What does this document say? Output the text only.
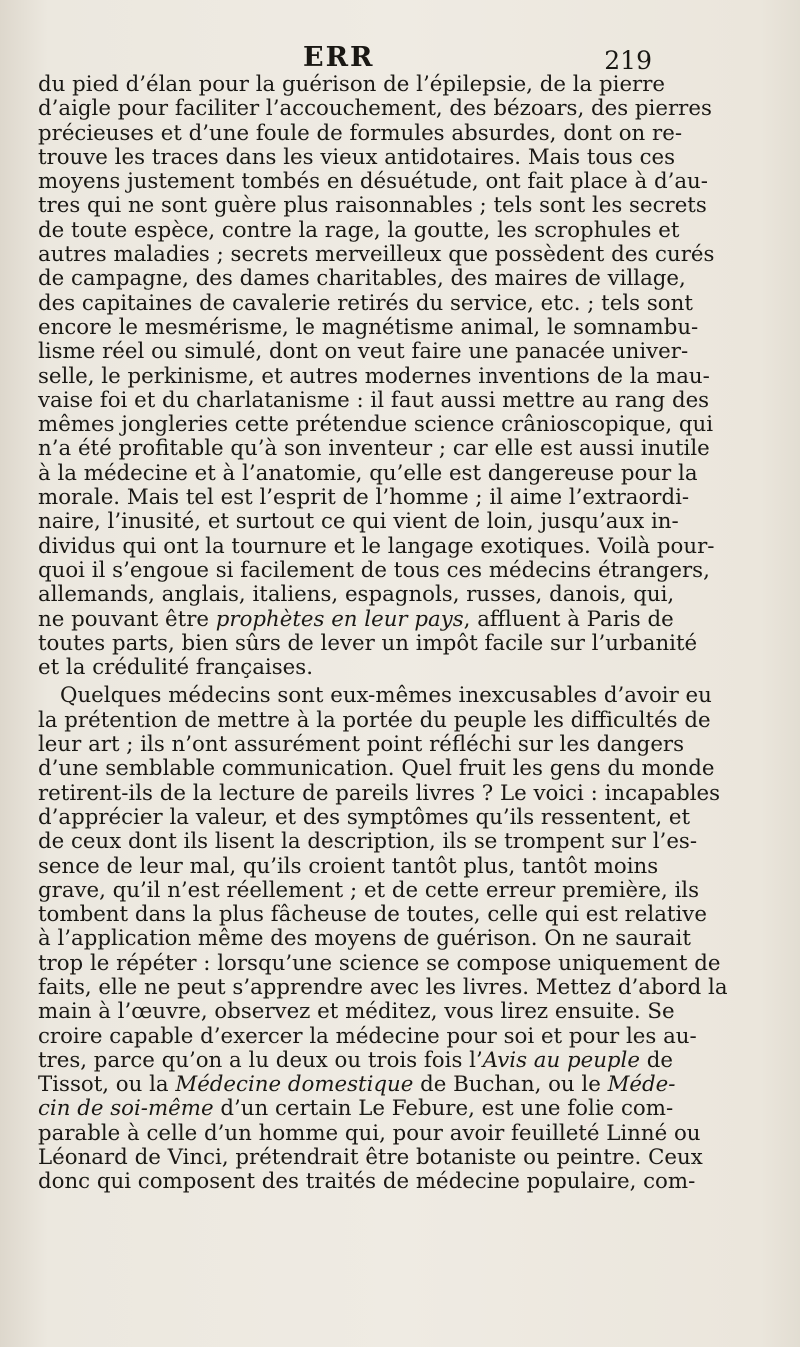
ERR	219
du pied d’élan pour la guérison de l’épilepsie, de la pierre
d’aigle pour faciliter l’accouchement, des bézoars, des pierres
précieuses et d’une foule de formules absurdes, dont on re-
trouve les traces dans les vieux antidotaires. Mais tous ces
moyens justement tombés en désuétude, ont fait place à d’au-
tres qui ne sont guère plus raisonnables ; tels sont les secrets
de toute espèce, contre la rage, la goutte, les scrophules et
autres maladies ; secrets merveilleux que possèdent des curés
de campagne, des dames charitables, des maires de village,
des capitaines de cavalerie retirés du service, etc. ; tels sont
encore le mesmérisme, le magnétisme animal, le somnambu-
lisme réel ou simulé, dont on veut faire une panacée univer-
selle, le perkinisme, et autres modernes inventions de la mau-
vaise foi et du charlatanisme : il faut aussi mettre au rang des
mêmes jongleries cette prétendue science crânioscopique, qui
n’a été profitable qu’à son inventeur ; car elle est aussi inutile
à la médecine et à l’anatomie, qu’elle est dangereuse pour la
morale. Mais tel est l’esprit de l’homme ; il aime l’extraordi-
naire, l’inusité, et surtout ce qui vient de loin, jusqu’aux in-
dividus qui ont la tournure et le langage exotiques. Voilà pour-
quoi il s’engoue si facilement de tous ces médecins étrangers,
allemands, anglais, italiens, espagnols, russes, danois, qui,
ne pouvant être prophètes en leur pays, affluent à Paris de
toutes parts, bien sûrs de lever un impôt facile sur l’urbanité
et la crédulité françaises.
Quelques médecins sont eux-mêmes inexcusables d’avoir eu
la prétention de mettre à la portée du peuple les difficultés de
leur art ; ils n’ont assurément point réfléchi sur les dangers
d’une semblable communication. Quel fruit les gens du monde
retirent-ils de la lecture de pareils livres ? Le voici : incapables
d’apprécier la valeur, et des symptômes qu’ils ressentent, et
de ceux dont ils lisent la description, ils se trompent sur l’es-
sence de leur mal, qu’ils croient tantôt plus, tantôt moins
grave, qu’il n’est réellement ; et de cette erreur première, ils
tombent dans la plus fâcheuse de toutes, celle qui est relative
à l’application même des moyens de guérison. On ne saurait
trop le répéter : lorsqu’une science se compose uniquement de
faits, elle ne peut s’apprendre avec les livres. Mettez d’abord la
main à l’œuvre, observez et méditez, vous lirez ensuite. Se
croire capable d’exercer la médecine pour soi et pour les au-
tres, parce qu’on a lu deux ou trois fois l’Avis au peuple de
Tissot, ou la Médecine domestique de Buchan, ou le Méde-
cin de soi-même d’un certain Le Febure, est une folie com-
parable à celle d’un homme qui, pour avoir feuilleté Linné ou
Léonard de Vinci, prétendrait être botaniste ou peintre. Ceux
donc qui composent des traités de médecine populaire, com-
